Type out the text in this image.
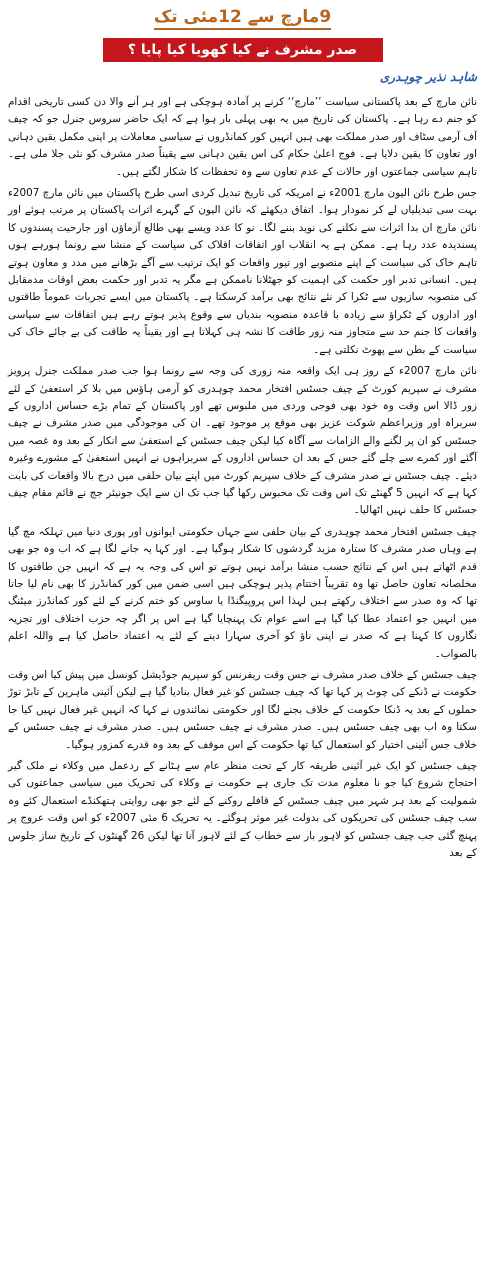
9مارچ سے 12مئی تک
صدر مشرف نے کیا کھویا کیا پایا ؟
شاہد نذیر چوہدری

نائن مارچ کے بعد پاکستانی سیاست ’’مارچ‘‘ کرنے پر آمادہ ہوچکی ہے اور ہر آنے والا دن کسی تاریخی اقدام کو جنم دے رہا ہے۔ پاکستان کی تاریخ میں یہ بھی پہلی بار ہوا ہے کہ ایک حاضر سروس جنرل جو کہ چیف آف آرمی سٹاف اور صدر مملکت بھی ہیں انہیں کور کمانڈروں نے سیاسی معاملات پر اپنی مکمل یقین دہانی اور تعاون کا یقین دلایا ہے۔ فوج اعلیٰ حکام کی اس یقین دہانی سے یقیناً صدر مشرف کو نئی جلا ملی ہے۔ تاہم سیاسی جماعتوں اور حالات کے عدم تعاون سے وہ تحفظات کا شکار لگتے ہیں۔

جس طرح نائن الیون مارچ 2001ء نے امریکہ کی تاریخ تبدیل کردی اسی طرح پاکستان میں نائن مارچ 2007ء بہت سی تبدیلیاں لے کر نمودار ہوا۔ اتفاق دیکھئے کہ نائن الیون کے گہرے اثرات پاکستان پر مرتب ہوئے اور نائن مارچ ان بدا اثرات سے نکلنے کی نوید بننے لگا۔ نو کا عدد ویسے بھی طالع آزماؤں اور جارحیت پسندوں کا پسندیدہ عدد رہا ہے۔ ممکن ہے یہ انقلاب اور اتفاقات افلاک کی سیاست کے منشا سے رونما ہورہے ہوں تاہم خاک کی سیاست کے اپنے منصوبے اور تیور واقعات کو ایک ترتیب سے آگے بڑھانے میں مدد و معاون ہوتے ہیں۔ انسانی تدبر اور حکمت کی اہمیت کو جھٹلانا ناممکن ہے مگر یہ تدبر اور حکمت بعض اوقات مدمقابل کی منصوبہ سازیوں سے ٹکرا کر نئے نتائج بھی برآمد کرسکتا ہے۔ پاکستان میں ایسے تجربات عموماً طاقتوں اور اداروں کے ٹکراؤ سے زیادہ با قاعدہ منصوبہ بندیاں سے وقوع پذیر ہوتے رہے ہیں اتفاقات سے سیاسی واقعات کا جنم حد سے متجاوز منہ زور طاقت کا نشہ ہی کہلاتا ہے اور یقیناً یہ طاقت کی بے جائے خاک کی سیاست کے بطن سے پھوٹ نکلتی ہے۔

نائن مارچ 2007ء کے روز ہی ایک واقعہ منہ زوری کی وجہ سے رونما ہوا جب صدر مملکت جنرل پرویز مشرف نے سپریم کورٹ کے چیف جسٹس افتخار محمد چوہدری کو آرمی ہاؤس میں بلا کر استعفیٰ کے لئے زور ڈالا اس وقت وہ خود بھی فوجی وردی میں ملبوس تھے اور پاکستان کے تمام بڑے حساس اداروں کے سربراہ اور وزیراعظم شوکت عزیز بھی موقع پر موجود تھے۔ ان کی موجودگی میں صدر مشرف نے چیف جسٹس کو ان پر لگنے والے الزامات سے آگاہ کیا لیکن چیف جسٹس کے استعفیٰ سے انکار کے بعد وہ غصہ میں آگئے اور کمرے سے چلے گئے جس کے بعد ان حساس اداروں کے سربراہوں نے انہیں استعفیٰ کے مشورے وغیرہ دیئے۔ چیف جسٹس نے صدر مشرف کے خلاف سپریم کورٹ میں اپنے بیان حلفی میں درج بالا واقعات کی بابت کہا ہے کہ انہیں 5 گھنٹے تک اس وقت تک محبوس رکھا گیا جب تک ان سے ایک جونیئر جج نے قائم مقام چیف جسٹس کا حلف نہیں اٹھالیا۔

چیف جسٹس افتخار محمد چوہدری کے بیان حلفی سے جہاں حکومتی ایوانوں اور پوری دنیا میں تہلکہ مچ گیا ہے وہاں صدر مشرف کا ستارہ مزید گردشوں کا شکار ہوگیا ہے۔ اور کہا یہ جانے لگا ہے کہ اب وہ جو بھی قدم اٹھاتے ہیں اس کے نتائج حسب منشا برآمد نہیں ہوتے تو اس کی وجہ یہ ہے کہ انہیں جن طاقتوں کا مخلصانہ تعاون حاصل تھا وہ تقریباً اختتام پذیر ہوچکی ہیں اسی ضمن میں کور کمانڈرز کا بھی نام لیا جاتا تھا کہ وہ صدر سے اختلاف رکھتے ہیں لہذا اس پروپیگنڈا یا ساوس کو ختم کرنے کے لئے کور کمانڈرز میٹنگ میں انہیں جو اعتماد عطا کیا گیا ہے اسے عوام تک پہنچایا گیا ہے اس پر اگر چہ حزب اختلاف اور تجزیہ نگاروں کا کہنا ہے کہ صدر نے اپنی ناؤ کو آخری سہارا دینے کے لئے یہ اعتماد حاصل کیا ہے واللہ اعلم بالصواب۔

چیف جسٹس کے خلاف صدر مشرف نے جس وقت ریفرنس کو سپریم جوڈیشل کونسل میں پیش کیا اس وقت حکومت نے ڈنکے کی چوٹ پر کہا تھا کہ چیف جسٹس کو غیر فعال بنادیا گیا ہے لیکن آئینی ماہرین کے تابڑ توڑ حملوں کے بعد یہ ڈنکا حکومت کے خلاف بجنے لگا اور حکومتی نمائندوں نے کہا کہ انہیں غیر فعال نہیں کیا جا سکتا وہ اب بھی چیف جسٹس ہیں۔ صدر مشرف نے چیف جسٹس ہیں۔ صدر مشرف نے چیف جسٹس کے خلاف جس آئینی اختیار کو استعمال کیا تھا حکومت کے اس موقف کے بعد وہ قدرے کمزور ہوگیا۔

چیف جسٹس کو ایک غیر آئینی طریقہ کار کے تحت منظر عام سے ہٹانے کے ردعمل میں وکلاء نے ملک گیر احتجاج شروع کیا جو نا معلوم مدت تک جاری ہے حکومت نے وکلاء کی تحریک میں سیاسی جماعتوں کی شمولیت کے بعد ہر شہر میں چیف جسٹس کے قافلے روکنے کے لئے جو بھی روایتی ہتھکنڈے استعمال کئے وہ سب چیف جسٹس کی تحریکوں کی بدولت غیر موثر ہوگئے۔ یہ تحریک 6 مئی 2007ء کو اس وقت عروج پر پہنچ گئی جب چیف جسٹس کو لاہور بار سے خطاب کے لئے لاہور آنا تھا لیکن 26 گھنٹوں کے تاریخ ساز جلوس کے بعد
